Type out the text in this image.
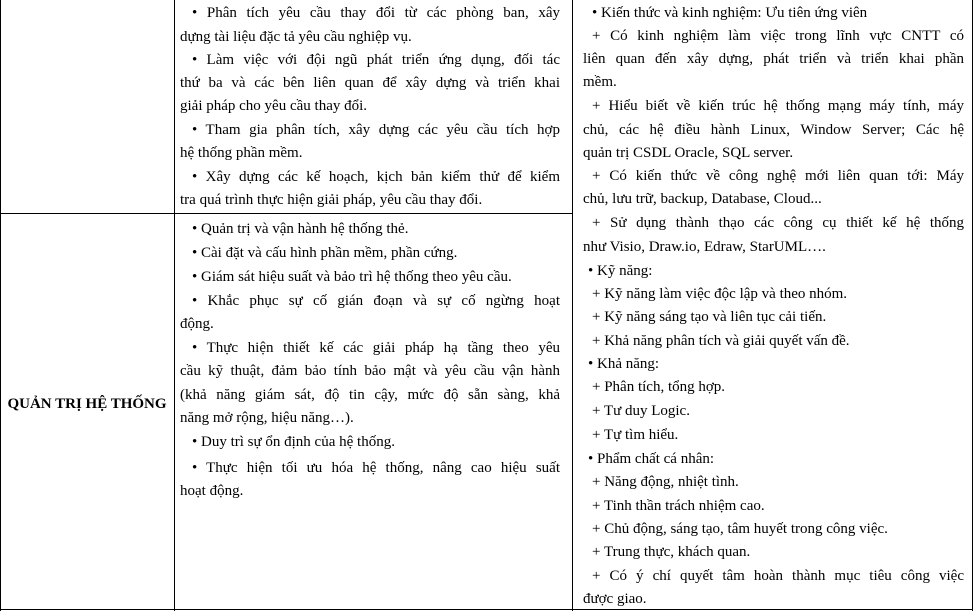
QUẢN TRỊ HỆ THỐNG
• Phân tích yêu cầu thay đổi từ các phòng ban, xây
dựng tài liệu đặc tả yêu cầu nghiệp vụ.
• Làm việc với đội ngũ phát triển ứng dụng, đối tác
thứ ba và các bên liên quan để xây dựng và triển khai
giải pháp cho yêu cầu thay đổi.
• Tham gia phân tích, xây dựng các yêu cầu tích hợp
hệ thống phần mềm.
• Xây dựng các kế hoạch, kịch bản kiểm thử để kiểm
tra quá trình thực hiện giải pháp, yêu cầu thay đổi.
• Quản trị và vận hành hệ thống thẻ.
• Cài đặt và cấu hình phần mềm, phần cứng.
• Giám sát hiệu suất và bảo trì hệ thống theo yêu cầu.
• Khắc phục sự cố gián đoạn và sự cố ngừng hoạt
động.
• Thực hiện thiết kế các giải pháp hạ tầng theo yêu
cầu kỹ thuật, đảm bảo tính bảo mật và yêu cầu vận hành
(khả năng giám sát, độ tin cậy, mức độ sẵn sàng, khả
năng mở rộng, hiệu năng…).
• Duy trì sự ổn định của hệ thống.
• Thực hiện tối ưu hóa hệ thống, nâng cao hiệu suất
hoạt động.
• Kiến thức và kinh nghiệm: Ưu tiên ứng viên
+ Có kinh nghiệm làm việc trong lĩnh vực CNTT có
liên quan đến xây dựng, phát triển và triển khai phần
mềm.
+ Hiểu biết về kiến trúc hệ thống mạng máy tính, máy
chủ, các hệ điều hành Linux, Window Server; Các hệ
quản trị CSDL Oracle, SQL server.
+ Có kiến thức về công nghệ mới liên quan tới: Máy
chủ, lưu trữ, backup, Database, Cloud...
+ Sử dụng thành thạo các công cụ thiết kế hệ thống
như Visio, Draw.io, Edraw, StarUML….
• Kỹ năng:
+ Kỹ năng làm việc độc lập và theo nhóm.
+ Kỹ năng sáng tạo và liên tục cải tiến.
+ Khả năng phân tích và giải quyết vấn đề.
• Khả năng:
+ Phân tích, tổng hợp.
+ Tư duy Logic.
+ Tự tìm hiểu.
• Phẩm chất cá nhân:
+ Năng động, nhiệt tình.
+ Tinh thần trách nhiệm cao.
+ Chủ động, sáng tạo, tâm huyết trong công việc.
+ Trung thực, khách quan.
+ Có ý chí quyết tâm hoàn thành mục tiêu công việc
được giao.
